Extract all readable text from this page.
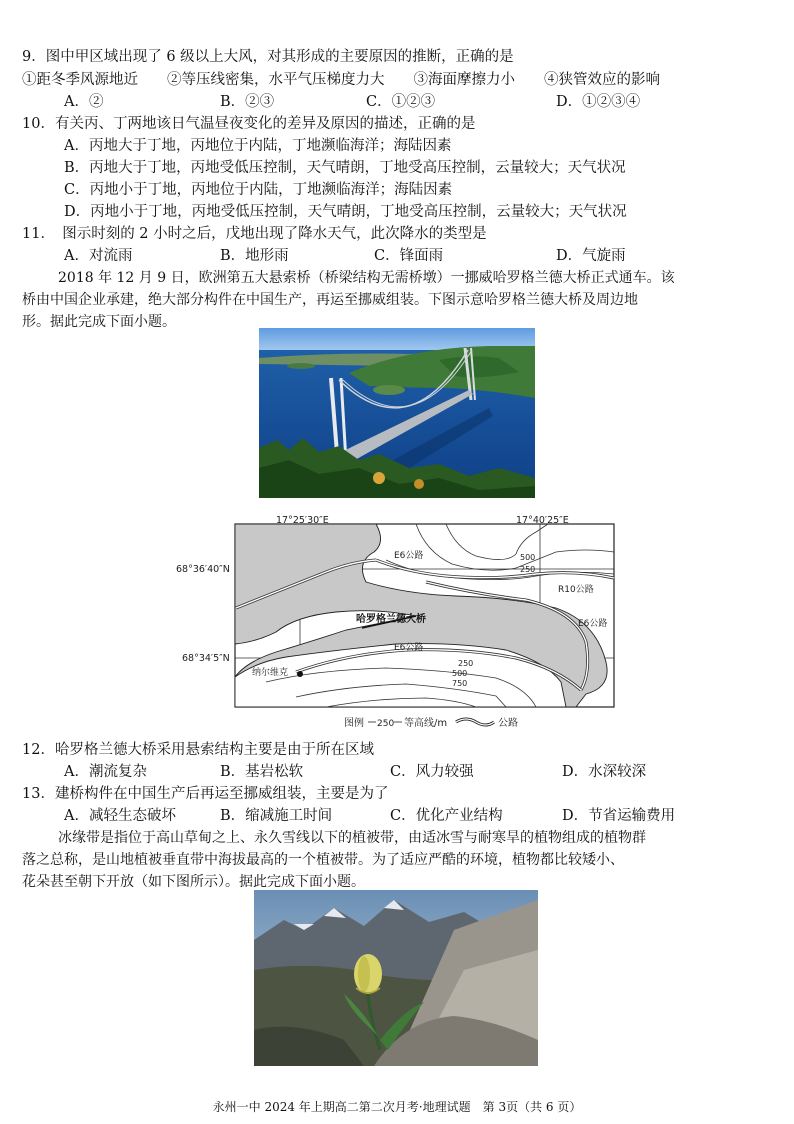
9．图中甲区域出现了 6 级以上大风，对其形成的主要原因的推断，正确的是
①距冬季风源地近　　②等压线密集，水平气压梯度力大　　③海面摩擦力小　　④狭管效应的影响
A．②	B．②③	C．①②③	D．①②③④
10．有关丙、丁两地该日气温昼夜变化的差异及原因的描述，正确的是
A．丙地大于丁地，丙地位于内陆，丁地濒临海洋；海陆因素
B．丙地大于丁地，丙地受低压控制，天气晴朗，丁地受高压控制，云量较大；天气状况
C．丙地小于丁地，丙地位于内陆，丁地濒临海洋；海陆因素
D．丙地小于丁地，丙地受低压控制，天气晴朗，丁地受高压控制，云量较大；天气状况
11．　图示时刻的 2 小时之后，戊地出现了降水天气，此次降水的类型是
A．对流雨	B．地形雨	C．锋面雨	D．气旋雨
2018 年 12 月 9 日，欧洲第五大悬索桥（桥梁结构无需桥墩）一挪威哈罗格兰德大桥正式通车。该
桥由中国企业承建，绝大部分构件在中国生产，再运至挪威组装。下图示意哈罗格兰德大桥及周边地
形。据此完成下面小题。
17°25′30″E	17°40′25″E
68°36′40″N
68°34′5″N
哈罗格兰德大桥
E6公路
E6公路
R10公路
E6公路
纳尔维克
500
250
250
500
750
图例 250 等高线/m	公路
12．哈罗格兰德大桥采用悬索结构主要是由于所在区域
A．潮流复杂	B．基岩松软	C．风力较强	D．水深较深
13．建桥构件在中国生产后再运至挪威组装，主要是为了
A．减轻生态破坏	B．缩减施工时间	C．优化产业结构	D．节省运输费用
冰缘带是指位于高山草甸之上、永久雪线以下的植被带，由适冰雪与耐寒旱的植物组成的植物群
落之总称，是山地植被垂直带中海拔最高的一个植被带。为了适应严酷的环境，植物都比较矮小、
花朵甚至朝下开放（如下图所示）。据此完成下面小题。
永州一中 2024 年上期高二第二次月考·地理试题　第 3页（共 6 页）
